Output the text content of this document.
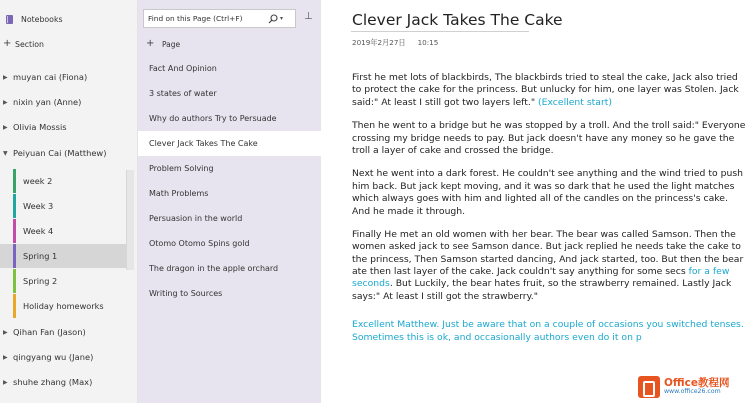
Notebooks
+ Section
▶ muyan cai (Fiona)
▶ nixin yan (Anne)
▶ Olivia Mossis
▼ Peiyuan Cai (Matthew)
week 2
Week 3
Week 4
Spring 1
Spring 2
Holiday homeworks
▶ Qihan Fan (Jason)
▶ qingyang wu (Jane)
▶ shuhe zhang (Max)
Find on this Page (Ctrl+F)
▾ ⊥
+ Page
Fact And Opinion
3 states of water
Why do authors Try to Persuade
Clever Jack Takes The Cake
Problem Solving
Math Problems
Persuasion in the world
Otomo Otomo Spins gold
The dragon in the apple orchard
Writing to Sources
Clever Jack Takes The Cake
2019年2月27日 10:15

First he met lots of blackbirds, The blackbirds tried to steal the cake, Jack also tried to protect the cake for the princess. But unlucky for him, one layer was Stolen. Jack said:" At least I still got two layers left." (Excellent start)

Then he went to a bridge but he was stopped by a troll. And the troll said:" Everyone crossing my bridge needs to pay. But jack doesn't have any money so he gave the troll a layer of cake and crossed the bridge.

Next he went into a dark forest. He couldn't see anything and the wind tried to push him back. But jack kept moving, and it was so dark that he used the light matches which always goes with him and lighted all of the candles on the princess's cake. And he made it through.

Finally He met an old women with her bear. The bear was called Samson. Then the women asked jack to see Samson dance. But jack replied he needs take the cake to the princess, Then Samson started dancing, And jack started, too. But then the bear ate then last layer of the cake. Jack couldn't say anything for some secs for a few seconds. But Luckily, the bear hates fruit, so the strawberry remained. Lastly Jack says:" At least I still got the strawberry."

Excellent Matthew. Just be aware that on a couple of occasions you switched tenses.

Sometimes this is ok, and occasionally authors even do it on p

Office教程网
www.office26.com
